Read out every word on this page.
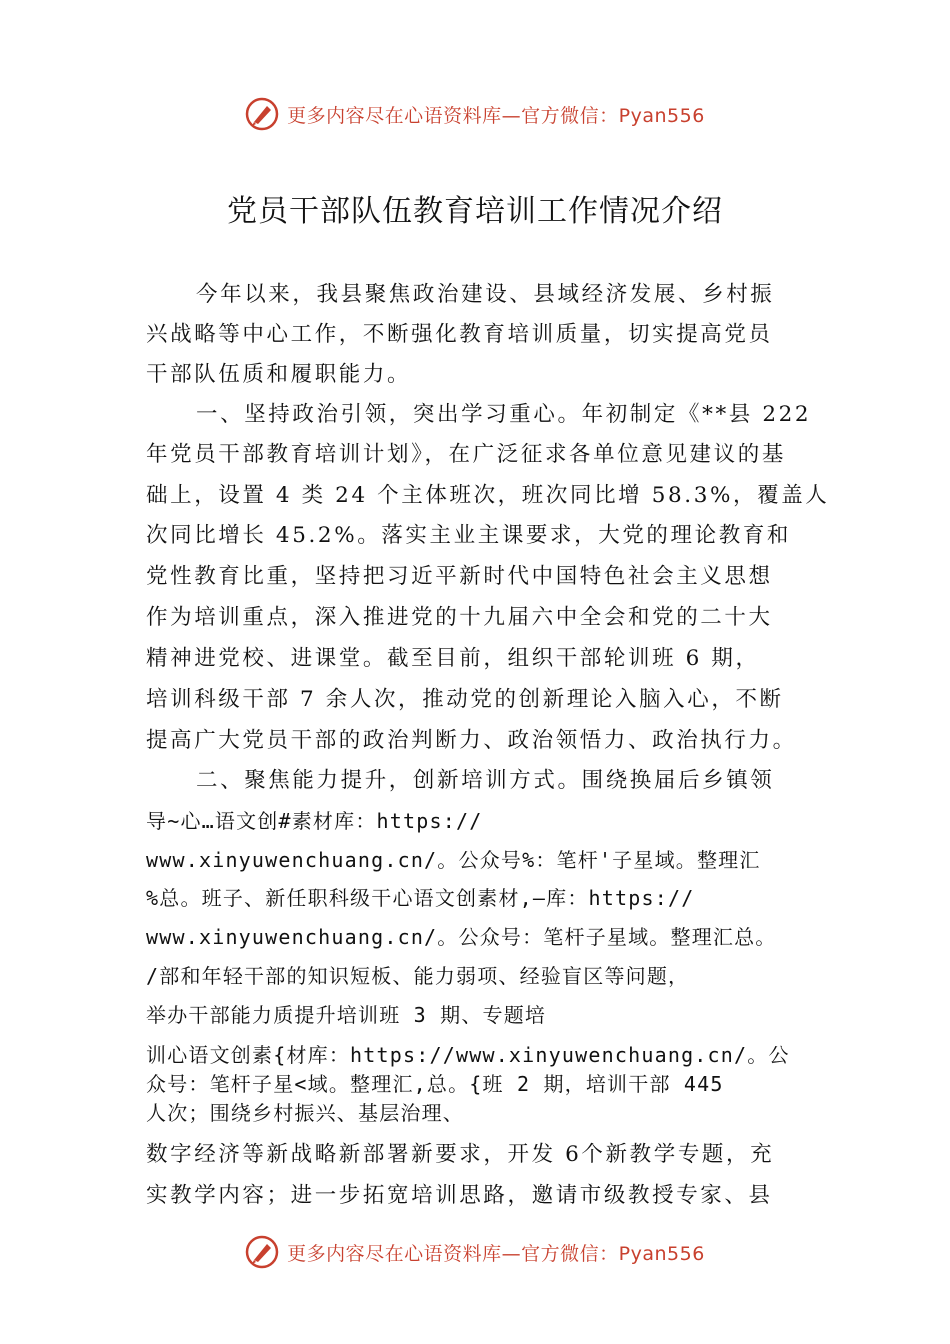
更多内容尽在心语资料库—官方微信：Pyan556
党员干部队伍教育培训工作情况介绍
今年以来，我县聚焦政治建设、县域经济发展、乡村振
兴战略等中心工作，不断强化教育培训质量，切实提高党员
干部队伍质和履职能力。
一、坚持政治引领，突出学习重心。年初制定《**县 222
年党员干部教育培训计划》，在广泛征求各单位意见建议的基
础上，设置 4 类 24 个主体班次，班次同比增 58.3%，覆盖人
次同比增长 45.2%。落实主业主课要求，大党的理论教育和
党性教育比重，坚持把习近平新时代中国特色社会主义思想
作为培训重点，深入推进党的十九届六中全会和党的二十大
精神进党校、进课堂。截至目前，组织干部轮训班 6 期，
培训科级干部 7 余人次，推动党的创新理论入脑入心，不断
提高广大党员干部的政治判断力、政治领悟力、政治执行力。
二、聚焦能力提升，创新培训方式。围绕换届后乡镇领
导~心…语文创#素材库：https://
www.xinyuwenchuang.cn/。公众号%：笔杆'子星域。整理汇
%总。班子、新任职科级干心语文创素材,—库：https://
www.xinyuwenchuang.cn/。公众号：笔杆子星域。整理汇总。
/部和年轻干部的知识短板、能力弱项、经验盲区等问题，
举办干部能力质提升培训班 3 期、专题培
训心语文创素{材库：https://www.xinyuwenchuang.cn/。公
众号：笔杆子星<域。整理汇,总。{班 2 期，培训干部 445
人次；围绕乡村振兴、基层治理、
数字经济等新战略新部署新要求，开发 6个新教学专题，充
实教学内容；进一步拓宽培训思路，邀请市级教授专家、县
更多内容尽在心语资料库—官方微信：Pyan556
